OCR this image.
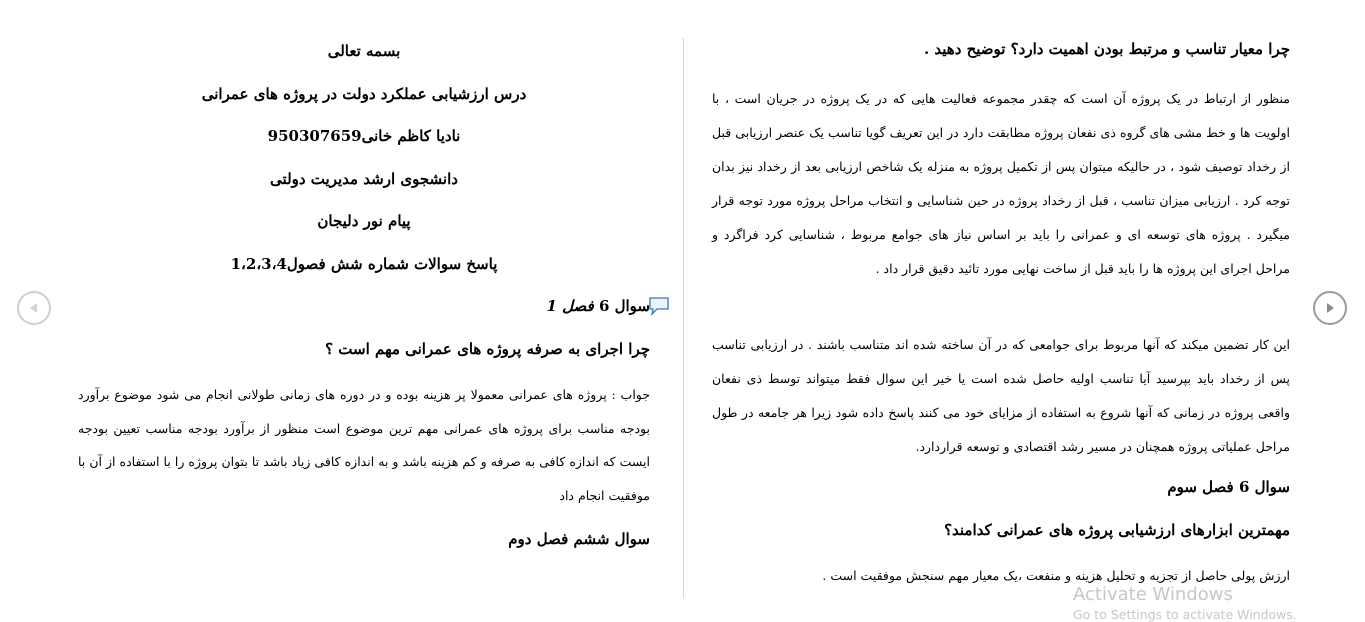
چرا معیار تناسب و مرتبط بودن اهمیت دارد؟ توضیح دهید .
منظور از ارتباط در یک پروژه آن است که چقدر مجموعه فعالیت هایی که در یک پروژه در جریان است ، با اولویت ها و خط مشی های گروه ذی نفعان پروژه مطابقت دارد در این تعریف گویا تناسب یک عنصر ارزیابی قبل از رخداد توصیف شود ، در حالیکه میتوان پس از تکمیل پروژه به منزله یک شاخص ارزیابی بعد از رخداد نیز بدان توجه کرد . ارزیابی میزان تناسب ، قبل از رخداد پروژه در حین شناسایی و انتخاب مراحل پروژه مورد توجه قرار میگیرد . پروژه های توسعه ای و عمرانی را باید بر اساس نیاز های جوامع مربوط ، شناسایی کرد فراگرد و مراحل اجرای این پروژه ها را باید قبل از ساخت نهایی مورد تائید دقیق قرار داد .
این کار تضمین میکند که آنها مربوط برای جوامعی که در آن ساخته شده اند متناسب باشند . در ارزیابی تناسب پس از رخداد باید بپرسید آیا تناسب اولیه حاصل شده است یا خیر این سوال فقط میتواند توسط ذی نفعان واقعی پروژه در زمانی که آنها شروع به استفاده از مزایای خود می کنند پاسخ داده شود زیرا هر جامعه در طول مراحل عملیاتی پروژه همچنان در مسیر رشد اقتصادی و توسعه قراردارد.
سوال 6 فصل سوم
مهمترین ابزارهای ارزشیابی پروژه های عمرانی کدامند؟
ارزش پولی حاصل از تجزیه و تحلیل هزینه و منفعت ،یک معیار مهم سنجش موفقیت است .
بسمه تعالی
درس ارزشیابی عملکرد دولت در پروژه های عمرانی
نادیا کاظم خانی950307659
دانشجوی ارشد مدیریت دولتی
پیام نور دلیجان
پاسخ سوالات شماره شش فصول1،2،3،4
سوال 6 فصل 1
چرا اجرای به صرفه پروژه های عمرانی مهم است ؟
جواب : پروژه های عمرانی معمولا پر هزینه بوده و در دوره های زمانی طولانی انجام می شود موضوع برآورد بودجه مناسب برای پروژه های عمرانی مهم ترین موضوع است منظور از برآورد بودجه مناسب تعیین بودجه ایست که اندازه کافی به صرفه و کم هزینه باشد و به اندازه کافی زیاد باشد تا بتوان پروژه را با استفاده از آن با موفقیت انجام داد
سوال ششم فصل دوم
Activate Windows
Go to Settings to activate Windows.
